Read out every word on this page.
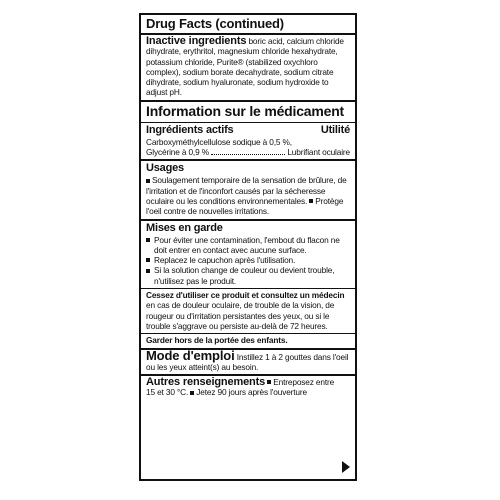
Drug Facts (continued)
Inactive ingredients boric acid, calcium chloride dihydrate, erythritol, magnesium chloride hexahydrate, potassium chloride, Purite® (stabilized oxychloro complex), sodium borate decahydrate, sodium citrate dihydrate, sodium hyaluronate, sodium hydroxide to adjust pH.
Information sur le médicament
Ingrédients actifs	Utilité
Carboxyméthylcellulose sodique à 0,5 %,
Glycérine à 0,9 %	Lubrifiant oculaire
Usages
Soulagement temporaire de la sensation de brûlure, de l'irritation et de l'inconfort causés par la sécheresse oculaire ou les conditions environnementales. Protège l'oeil contre de nouvelles irritations.
Mises en garde
Pour éviter une contamination, l'embout du flacon ne doit entrer en contact avec aucune surface.
Replacez le capuchon après l'utilisation.
Si la solution change de couleur ou devient trouble, n'utilisez pas le produit.
Cessez d'utiliser ce produit et consultez un médecin en cas de douleur oculaire, de trouble de la vision, de rougeur ou d'irritation persistantes des yeux, ou si le trouble s'aggrave ou persiste au-delà de 72 heures.
Garder hors de la portée des enfants.
Mode d'emploi Instillez 1 à 2 gouttes dans l'oeil ou les yeux atteint(s) au besoin.
Autres renseignements Entreposez entre 15 et 30 °C. Jetez 90 jours après l'ouverture
